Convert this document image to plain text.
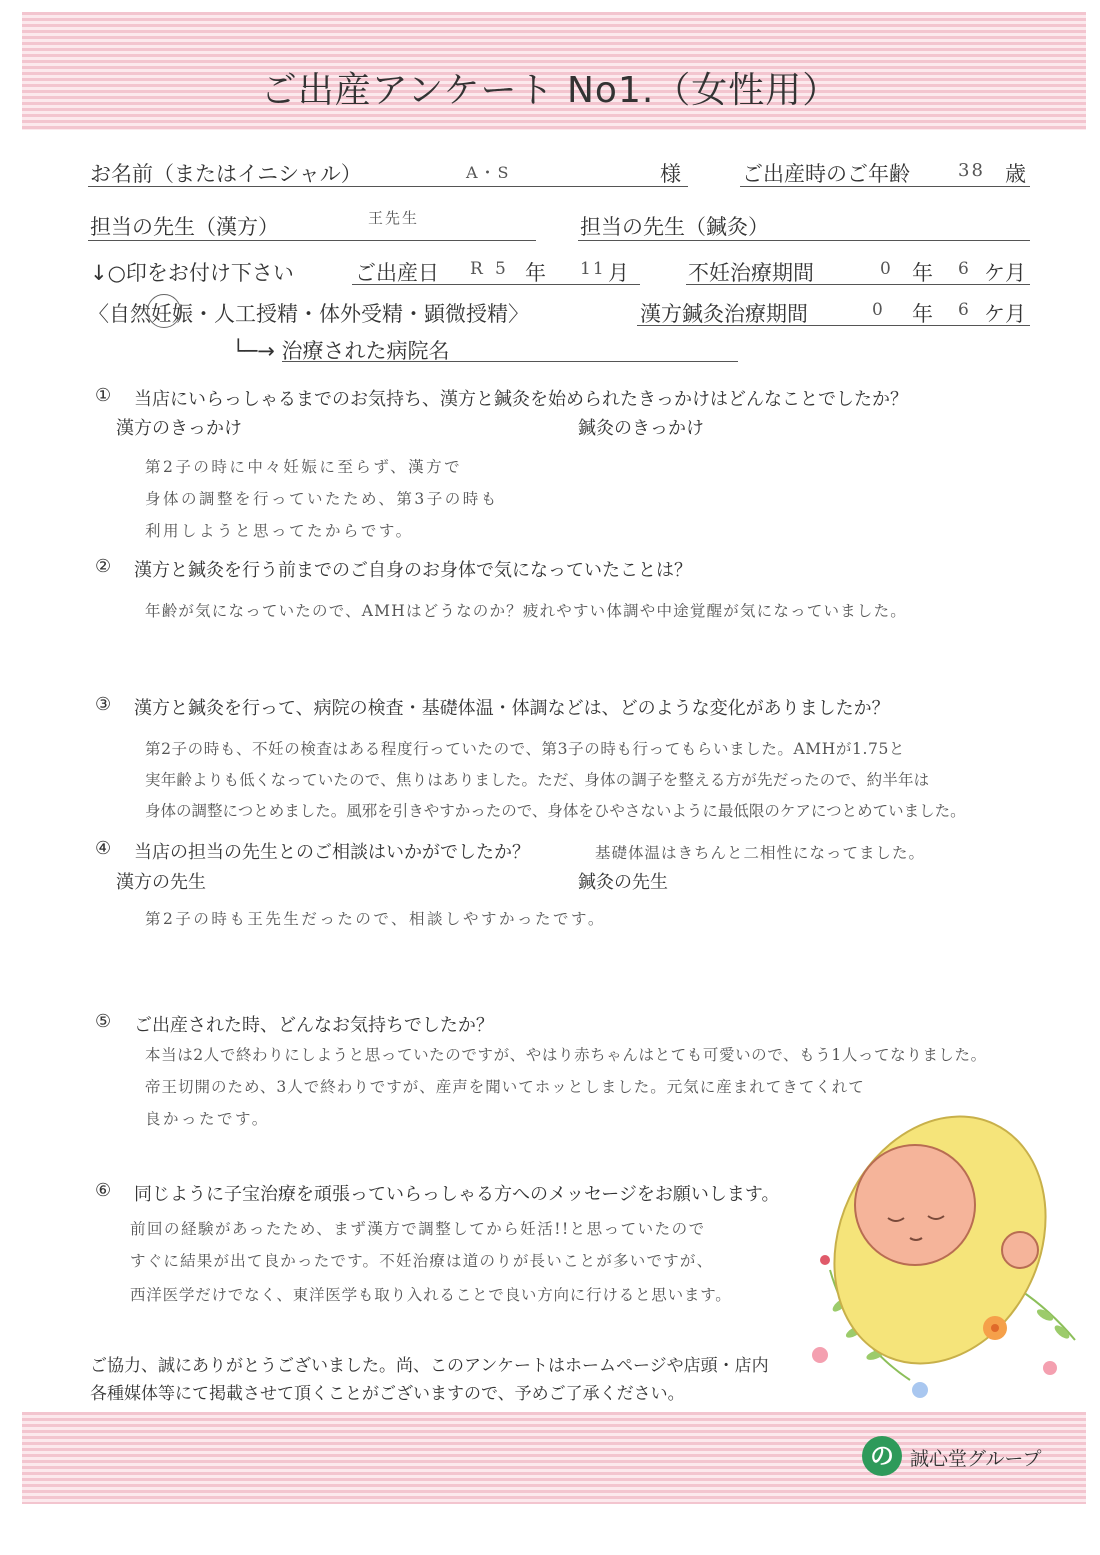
ご出産アンケート No1.（女性用）
お名前（またはイニシャル）	A・S	様	ご出産時のご年齢	38 歳
担当の先生（漢方）	王先生	担当の先生（鍼灸）
↓○印をお付け下さい	ご出産日 R 5 年 11 月	不妊治療期間	0 年 6 ケ月
〈自然妊娠・人工授精・体外受精・顕微授精〉	漢方鍼灸治療期間	0 年 6 ケ月
└─→ 治療された病院名
① 当店にいらっしゃるまでのお気持ち、漢方と鍼灸を始められたきっかけはどんなことでしたか？
漢方のきっかけ	鍼灸のきっかけ
第2子の時に中々妊娠に至らず、漢方で
身体の調整を行っていたため、第3子の時も
利用しようと思ってたからです。
② 漢方と鍼灸を行う前までのご自身のお身体で気になっていたことは？
年齢が気になっていたので、AMHはどうなのか？疲れやすい体調や中途覚醒が気になっていました。
③ 漢方と鍼灸を行って、病院の検査・基礎体温・体調などは、どのような変化がありましたか？
第2子の時も、不妊の検査はある程度行っていたので、第3子の時も行ってもらいました。AMHが1.75と
実年齢よりも低くなっていたので、焦りはありました。ただ、身体の調子を整える方が先だったので、約半年は
身体の調整につとめました。風邪を引きやすかったので、身体をひやさないように最低限のケアにつとめていました。
基礎体温はきちんと二相性になってました。
④ 当店の担当の先生とのご相談はいかがでしたか？
漢方の先生	鍼灸の先生
第2子の時も王先生だったので、相談しやすかったです。
⑤ ご出産された時、どんなお気持ちでしたか？
本当は2人で終わりにしようと思っていたのですが、やはり赤ちゃんはとても可愛いので、もう1人ってなりました。
帝王切開のため、3人で終わりですが、産声を聞いてホッとしました。元気に産まれてきてくれて
良かったです。
⑥ 同じように子宝治療を頑張っていらっしゃる方へのメッセージをお願いします。
前回の経験があったため、まず漢方で調整してから妊活!!と思っていたので
すぐに結果が出て良かったです。不妊治療は道のりが長いことが多いですが、
西洋医学だけでなく、東洋医学も取り入れることで良い方向に行けると思います。
ご協力、誠にありがとうございました。尚、このアンケートはホームページや店頭・店内
各種媒体等にて掲載させて頂くことがございますので、予めご了承ください。
の 誠心堂グループ
